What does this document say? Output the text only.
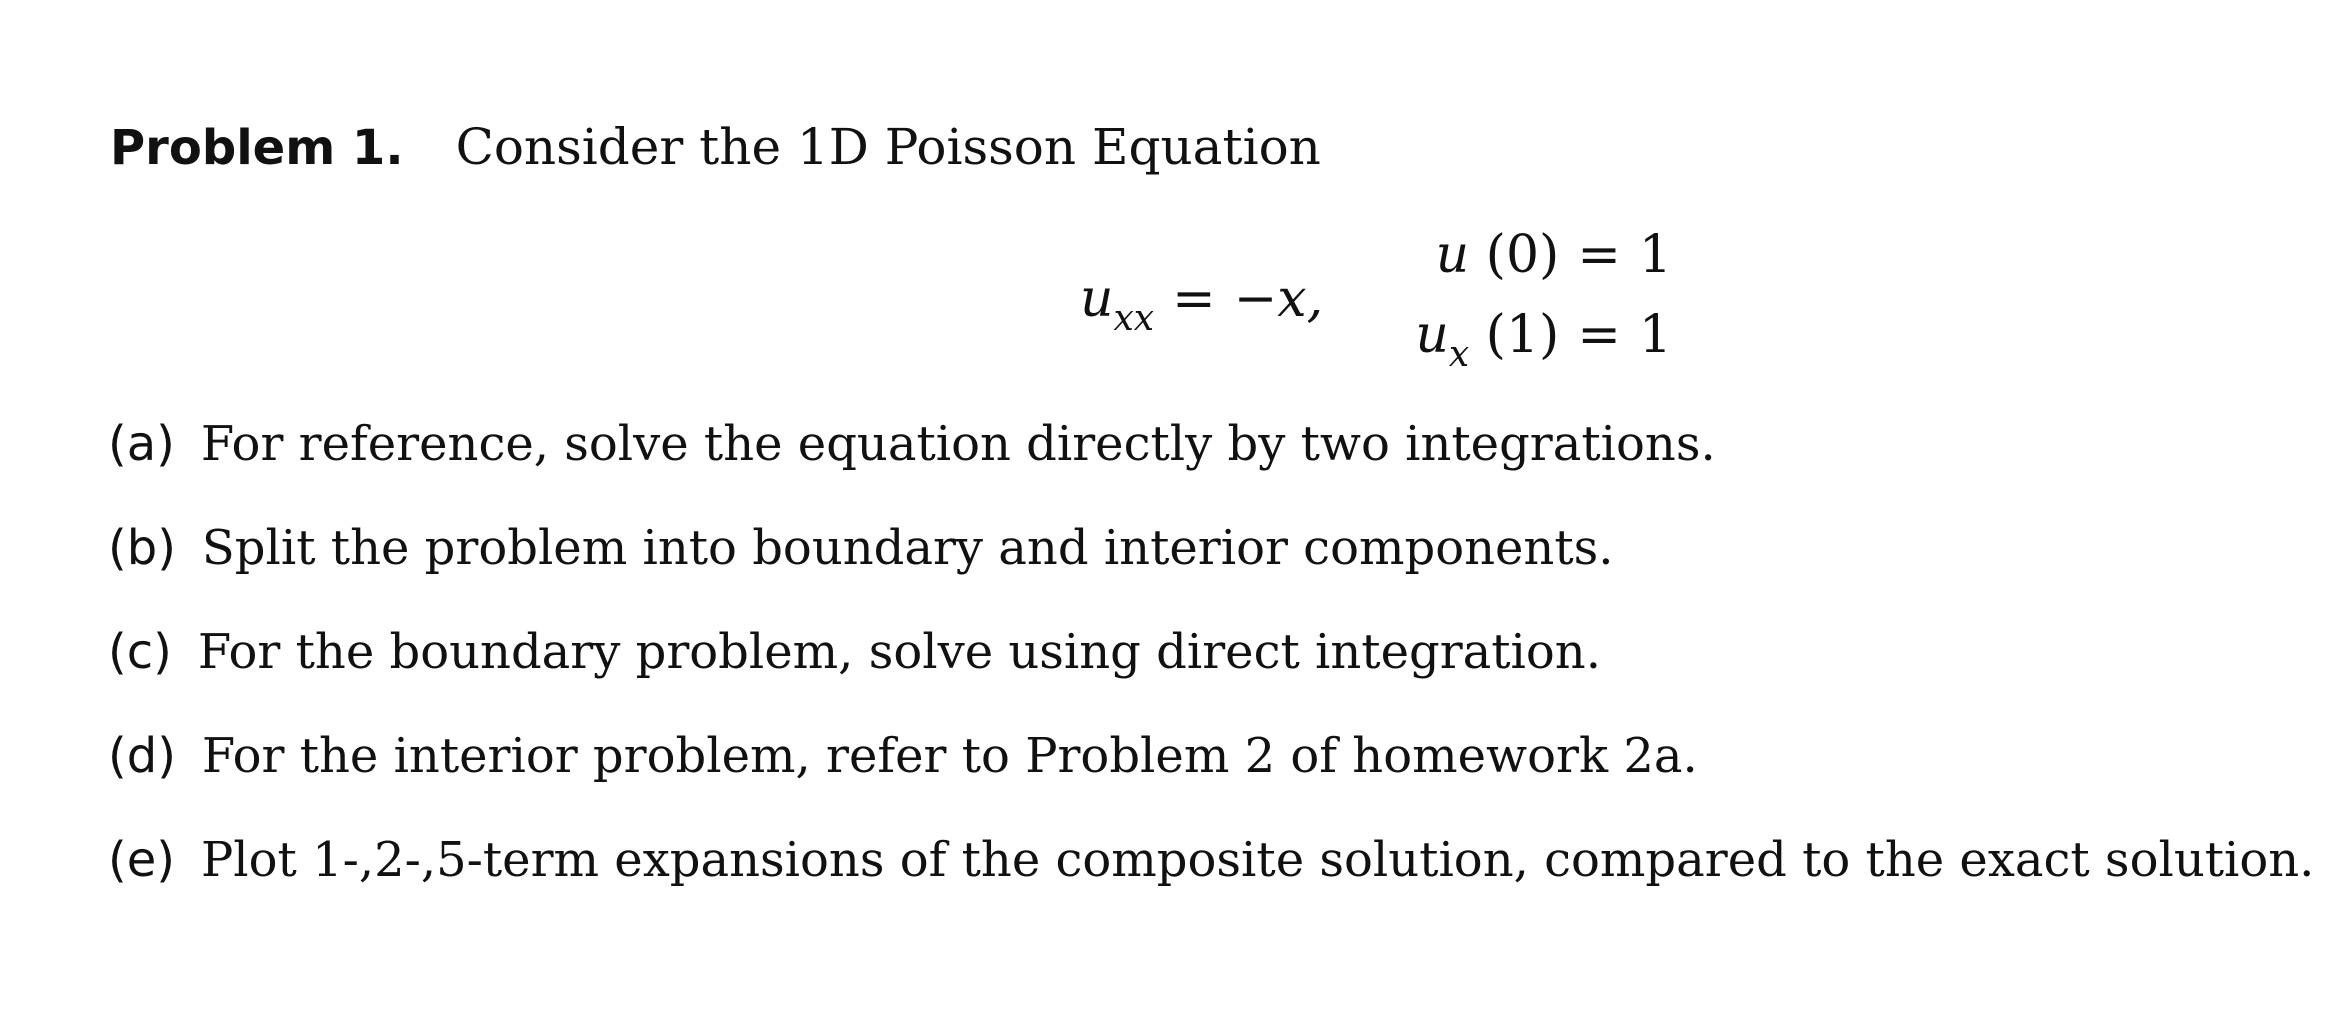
Problem 1. Consider the 1D Poisson Equation
$u_{xx} = -x$,
u (0) = 1
$u_x$ (1) = 1
(a) For reference, solve the equation directly by two integrations.
(b) Split the problem into boundary and interior components.
(c) For the boundary problem, solve using direct integration.
(d) For the interior problem, refer to Problem 2 of homework 2a.
(e) Plot 1-,2-,5-term expansions of the composite solution, compared to the exact solution.
